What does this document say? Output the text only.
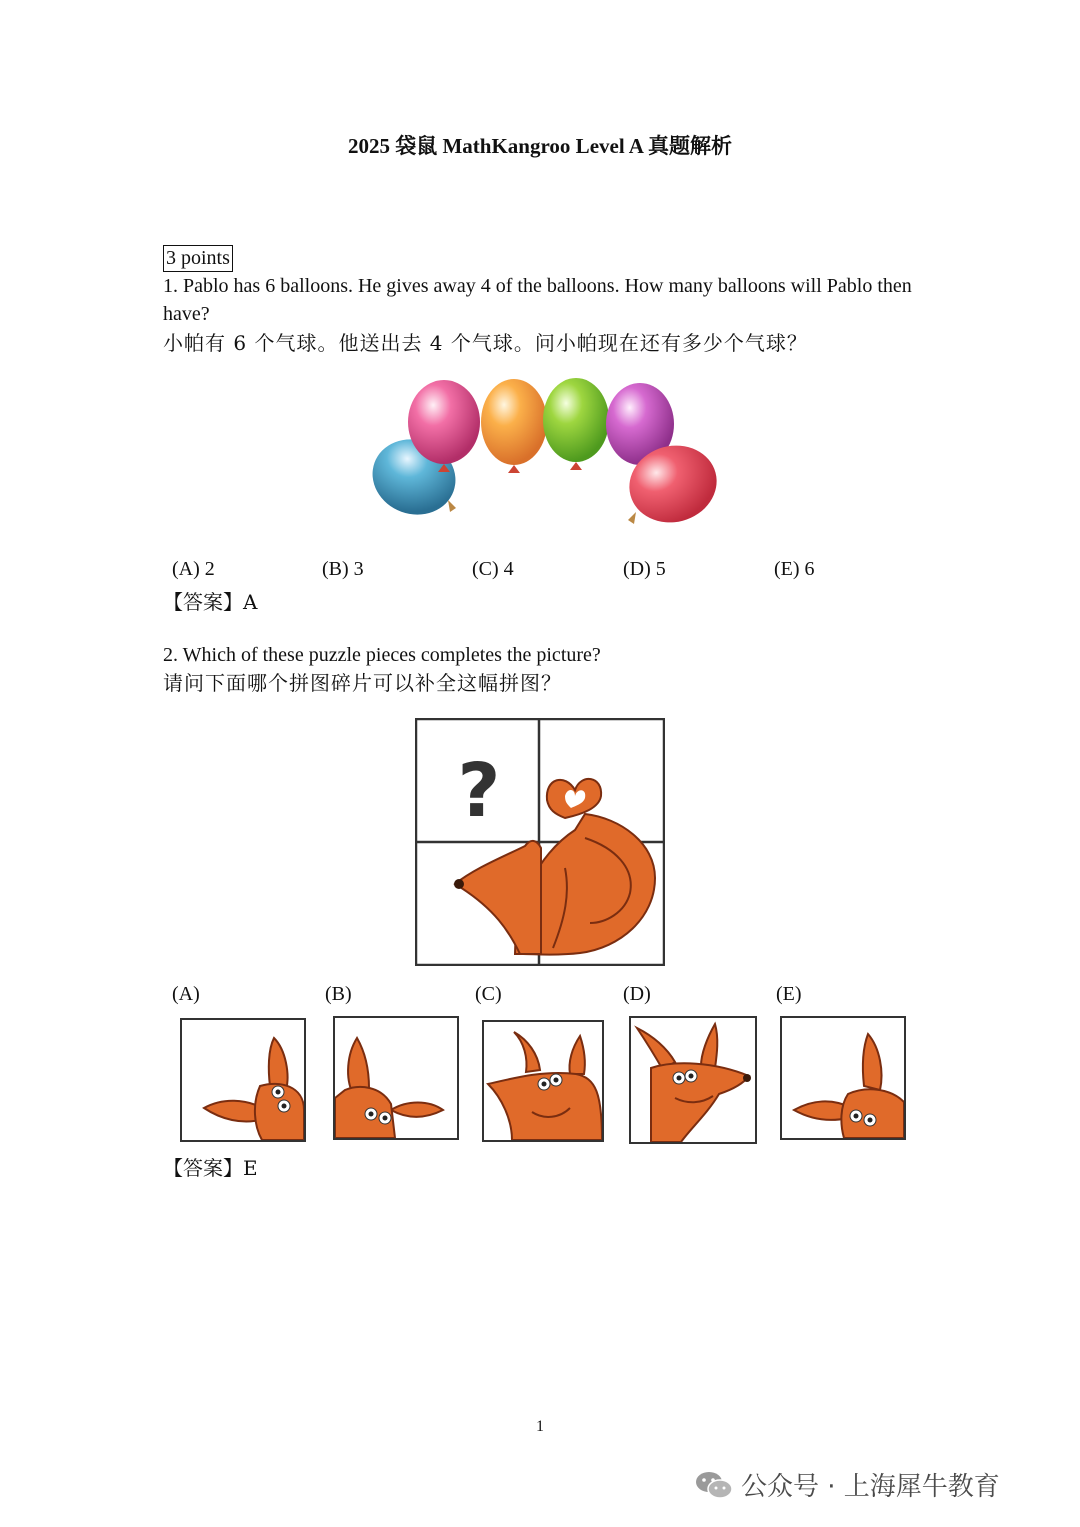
2025 袋鼠 MathKangroo Level A 真题解析
3 points
1. Pablo has 6 balloons. He gives away 4 of the balloons. How many balloons will Pablo then have?
小帕有 6 个气球。他送出去 4 个气球。问小帕现在还有多少个气球？
(A) 2	(B) 3	(C) 4	(D) 5	(E) 6
【答案】A
2. Which of these puzzle pieces completes the picture?
请问下面哪个拼图碎片可以补全这幅拼图？
?
(A)	(B)	(C)	(D)	(E)
【答案】E
1
公众号 · 上海犀牛教育
